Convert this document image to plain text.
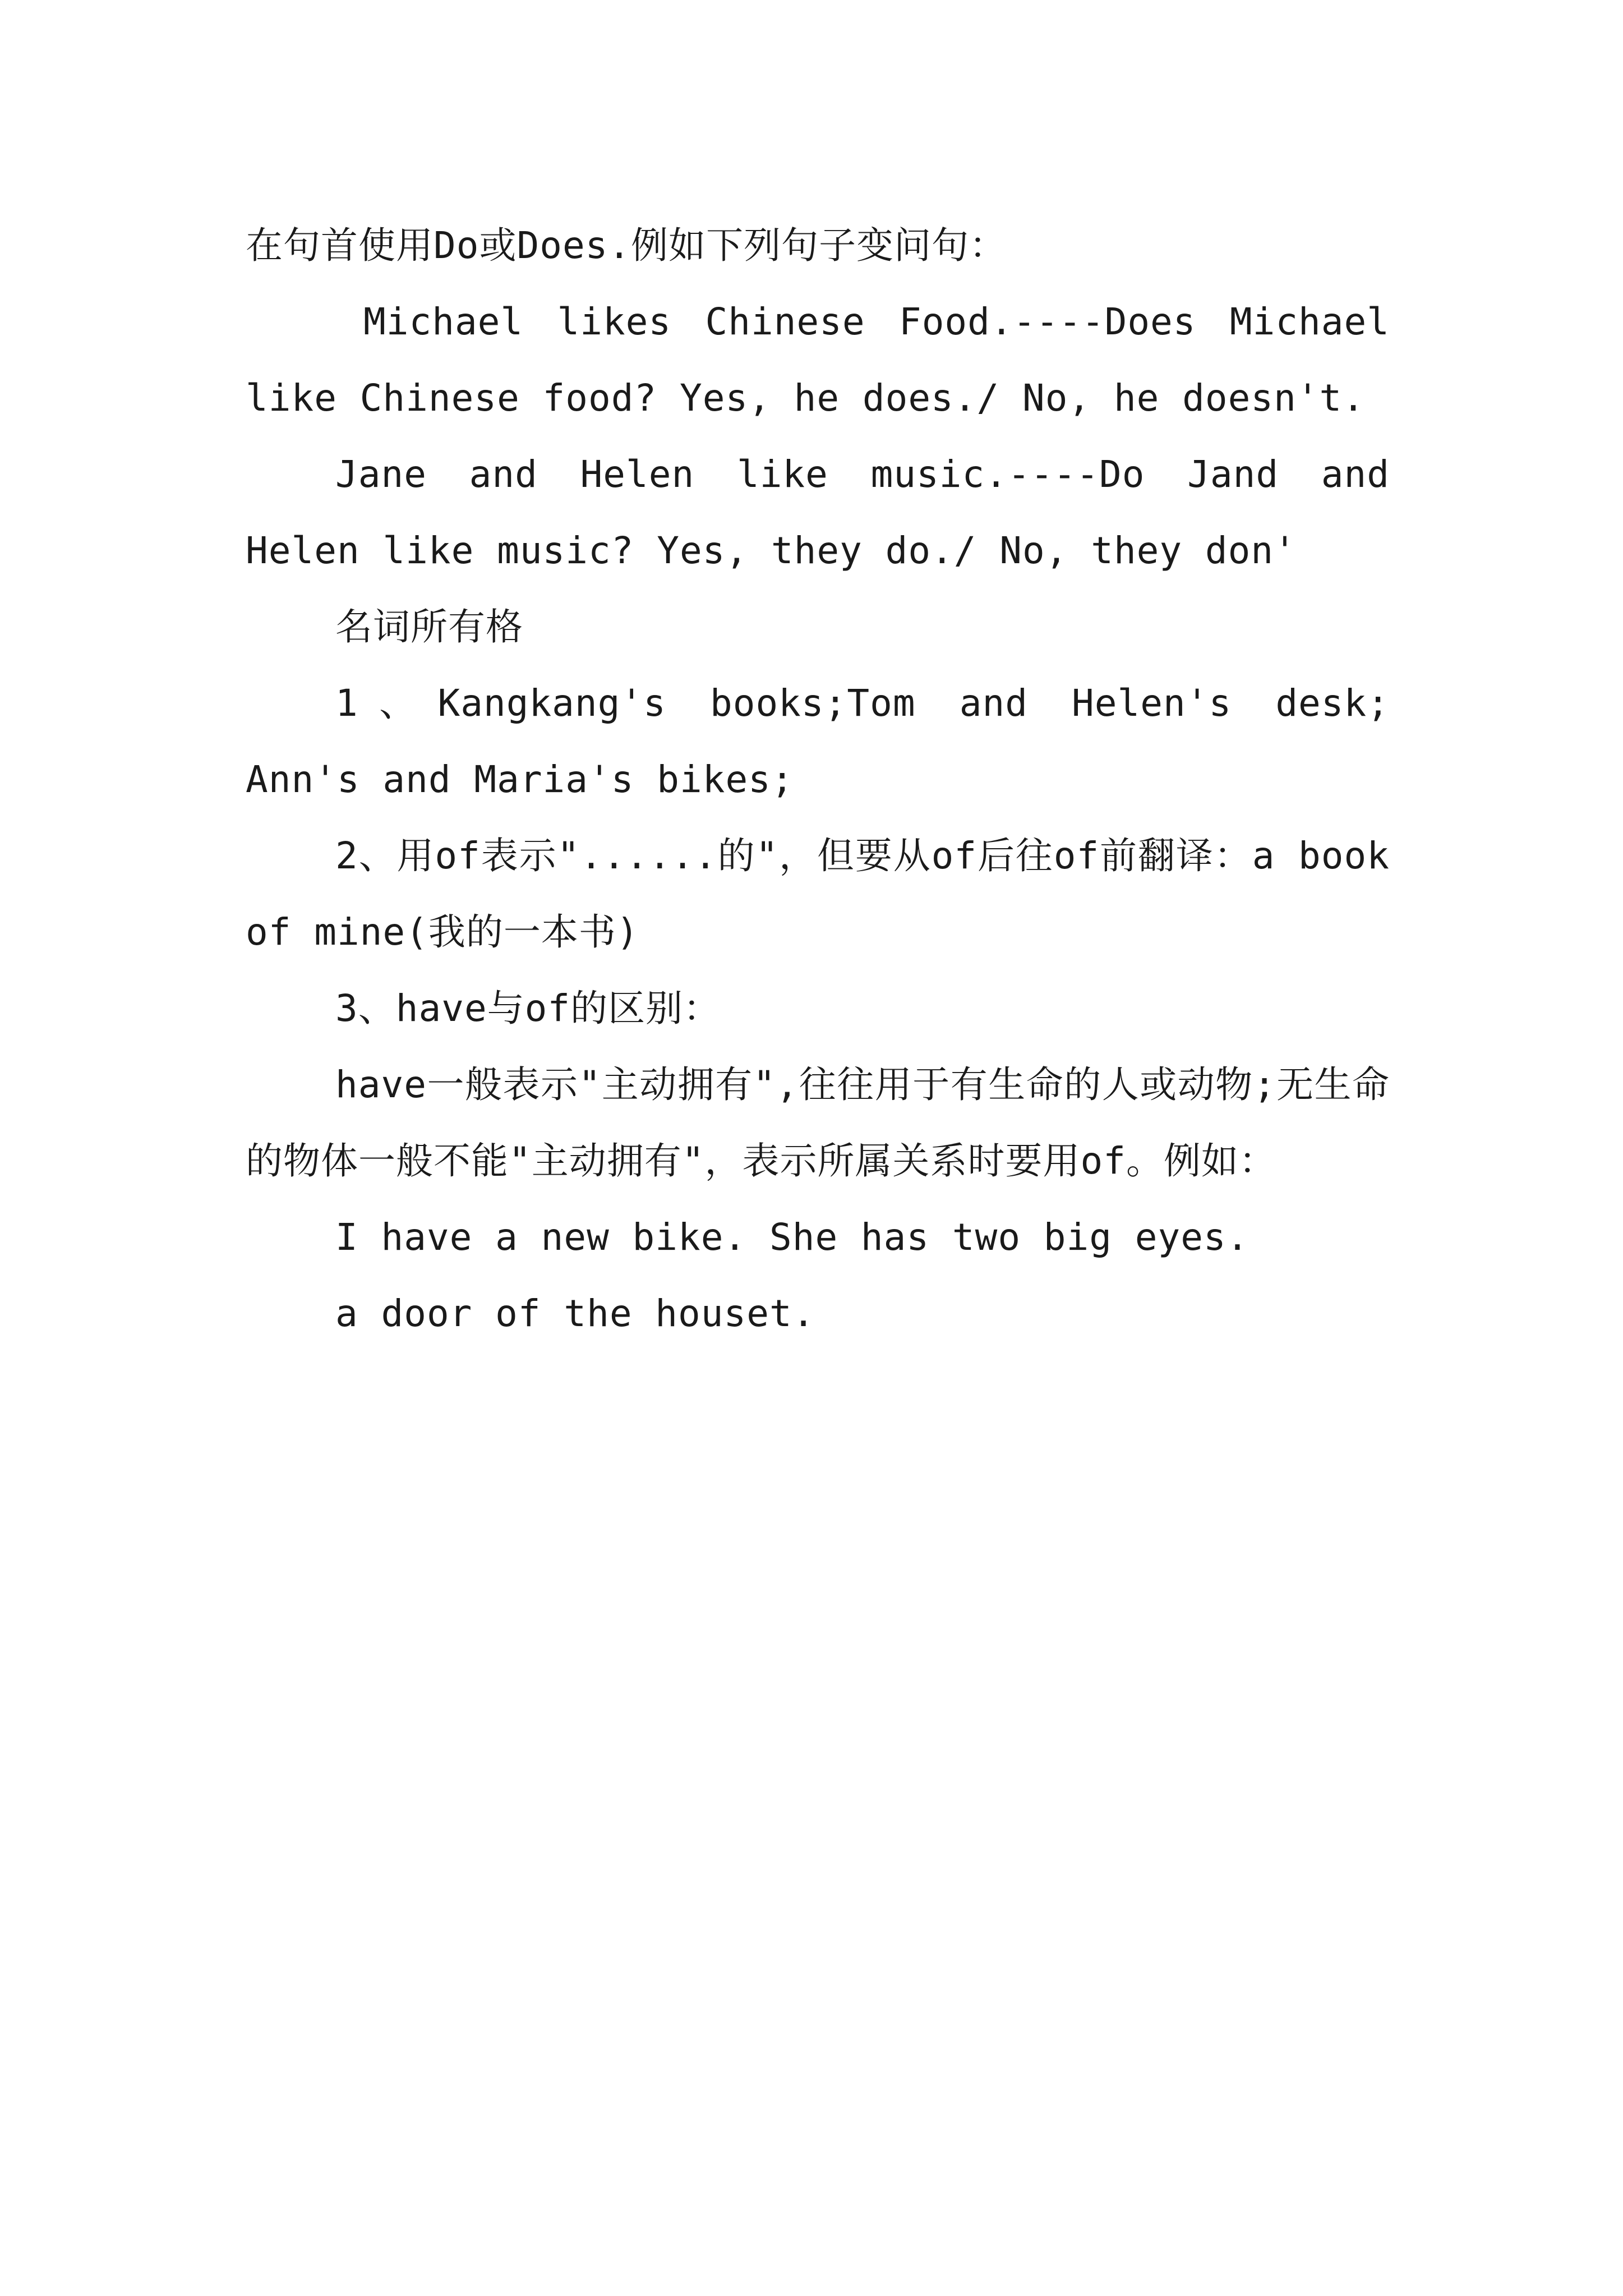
在句首使用Do或Does.例如下列句子变问句：

Michael likes Chinese Food.----Does Michael like Chinese food? Yes, he does./ No, he doesn't.

Jane and Helen like music.----Do Jand and Helen like music? Yes, they do./ No, they don'

名词所有格

1、Kangkang's books;Tom and Helen's desk; Ann's and Maria's bikes;

2、用of表示"......的"，但要从of后往of前翻译：a book of mine(我的一本书)

3、have与of的区别：

have一般表示"主动拥有",往往用于有生命的人或动物;无生命的物体一般不能"主动拥有"，表示所属关系时要用of。例如：

I have a new bike. She has two big eyes.

a door of the houset.
